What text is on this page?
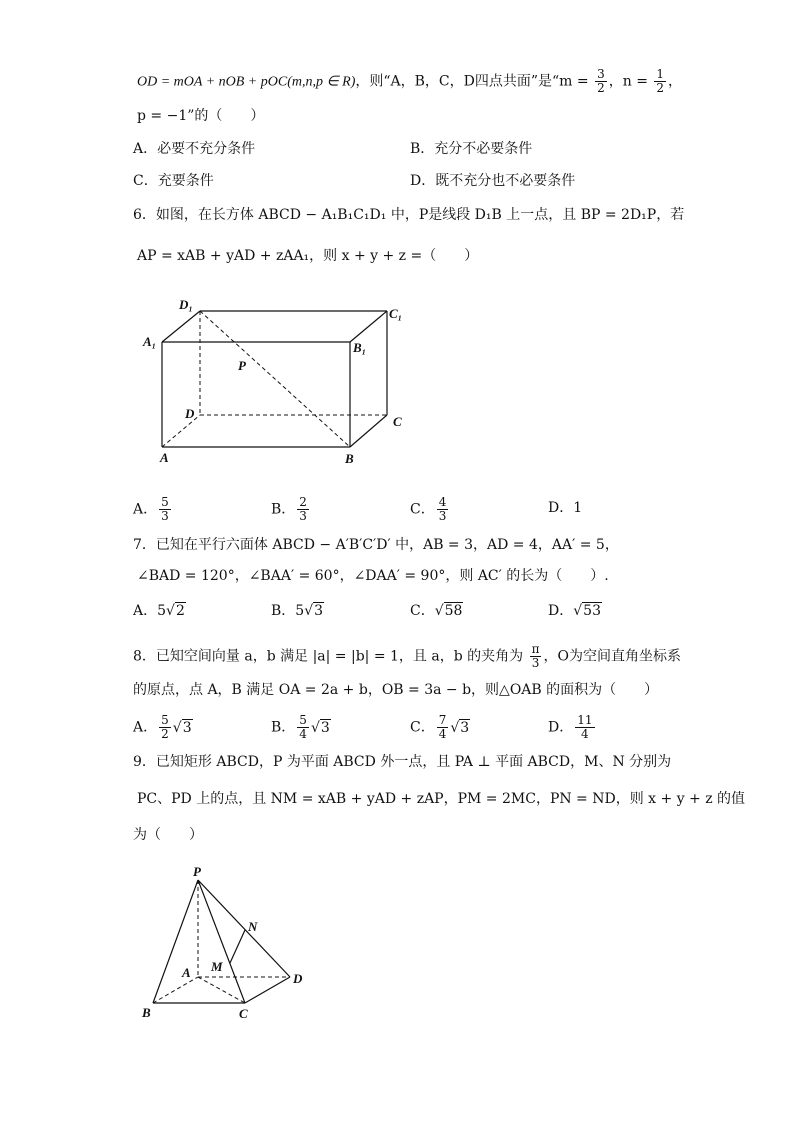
OD = mOA + nOB + pOC(m,n,p ∈ R)，则“A，B，C，D四点共面”是“$m = \frac{3}{2}$ ，$n = \frac{1}{2}$ ，
p = −1”的（　　）
A．必要不充分条件	B．充分不必要条件
C．充要条件	D．既不充分也不必要条件
6．如图，在长方体 ABCD − A₁B₁C₁D₁ 中，P是线段 D₁B 上一点，且 BP = 2D₁P，若
AP = xAB + yAD + zAA₁，则 x + y + z =（　　）
D₁
C₁
A₁	B₁
P
D
C
A	B
A． $\frac{5}{3}$	B． $\frac{2}{3}$	C． $\frac{4}{3}$	D．1
7．已知在平行六面体 ABCD − A′B′C′D′ 中，AB = 3，AD = 4，AA′ = 5，
∠BAD = 120°，∠BAA′ = 60°，∠DAA′ = 90°，则 AC′ 的长为（　　）.
A．5√2	B．5√3	C．√58	D．√53
8．已知空间向量 a，b 满足 |a| = |b| = 1，且 a，b 的夹角为 $\frac{\pi}{3}$ ，O为空间直角坐标系
的原点，点 A，B 满足 OA = 2a + b，OB = 3a − b，则△OAB 的面积为（　　）
A． $\frac{5}{2} √3$	B． $\frac{5}{4} √3$	C． $\frac{7}{4} √3$	D． $\frac{11}{4}$
9．已知矩形 ABCD，P 为平面 ABCD 外一点，且 PA ⊥ 平面 ABCD，M、N 分别为
PC、PD 上的点，且 NM = xAB + yAD + zAP，PM = 2MC，PN = ND，则 x + y + z 的值
为（　　）
P
N
A M
D
B	C
